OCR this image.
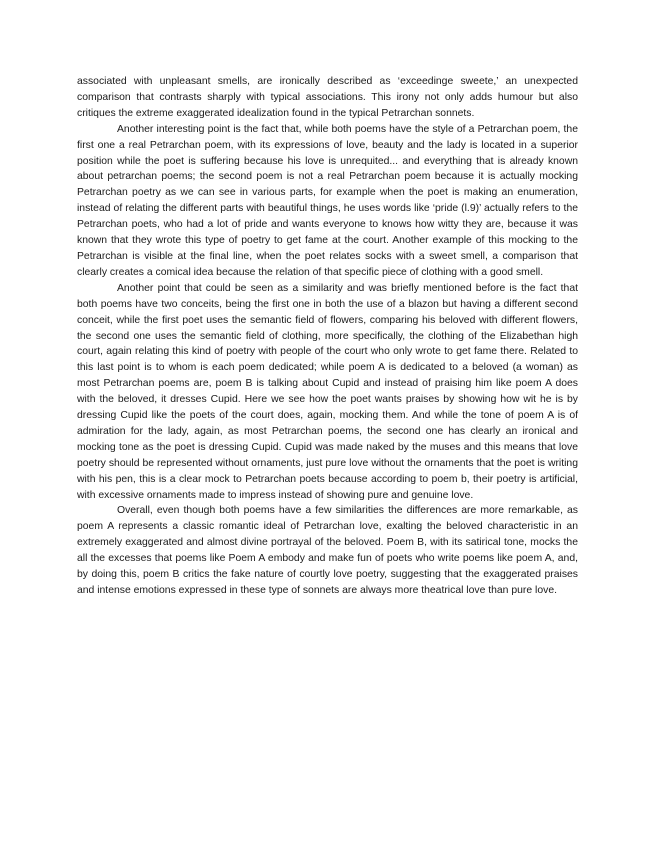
associated with unpleasant smells, are ironically described as ‘exceedinge sweete,’ an unexpected comparison that contrasts sharply with typical associations. This irony not only adds humour but also critiques the extreme exaggerated idealization found in the typical Petrarchan sonnets.

Another interesting point is the fact that, while both poems have the style of a Petrarchan poem, the first one a real Petrarchan poem, with its expressions of love, beauty and the lady is located in a superior position while the poet is suffering because his love is unrequited... and everything that is already known about petrarchan poems; the second poem is not a real Petrarchan poem because it is actually mocking Petrarchan poetry as we can see in various parts, for example when the poet is making an enumeration, instead of relating the different parts with beautiful things, he uses words like ‘pride (l.9)’ actually refers to the Petrarchan poets, who had a lot of pride and wants everyone to knows how witty they are, because it was known that they wrote this type of poetry to get fame at the court. Another example of this mocking to the Petrarchan is visible at the final line, when the poet relates socks with a sweet smell, a comparison that clearly creates a comical idea because the relation of that specific piece of clothing with a good smell.

Another point that could be seen as a similarity and was briefly mentioned before is the fact that both poems have two conceits, being the first one in both the use of a blazon but having a different second conceit, while the first poet uses the semantic field of flowers, comparing his beloved with different flowers, the second one uses the semantic field of clothing, more specifically, the clothing of the Elizabethan high court, again relating this kind of poetry with people of the court who only wrote to get fame there. Related to this last point is to whom is each poem dedicated; while poem A is dedicated to a beloved (a woman) as most Petrarchan poems are, poem B is talking about Cupid and instead of praising him like poem A does with the beloved, it dresses Cupid. Here we see how the poet wants praises by showing how wit he is by dressing Cupid like the poets of the court does, again, mocking them. And while the tone of poem A is of admiration for the lady, again, as most Petrarchan poems, the second one has clearly an ironical and mocking tone as the poet is dressing Cupid. Cupid was made naked by the muses and this means that love poetry should be represented without ornaments, just pure love without the ornaments that the poet is writing with his pen, this is a clear mock to Petrarchan poets because according to poem b, their poetry is artificial, with excessive ornaments made to impress instead of showing pure and genuine love.

Overall, even though both poems have a few similarities the differences are more remarkable, as poem A represents a classic romantic ideal of Petrarchan love, exalting the beloved characteristic in an extremely exaggerated and almost divine portrayal of the beloved. Poem B, with its satirical tone, mocks the all the excesses that poems like Poem A embody and make fun of poets who write poems like poem A, and, by doing this, poem B critics the fake nature of courtly love poetry, suggesting that the exaggerated praises and intense emotions expressed in these type of sonnets are always more theatrical love than pure love.
